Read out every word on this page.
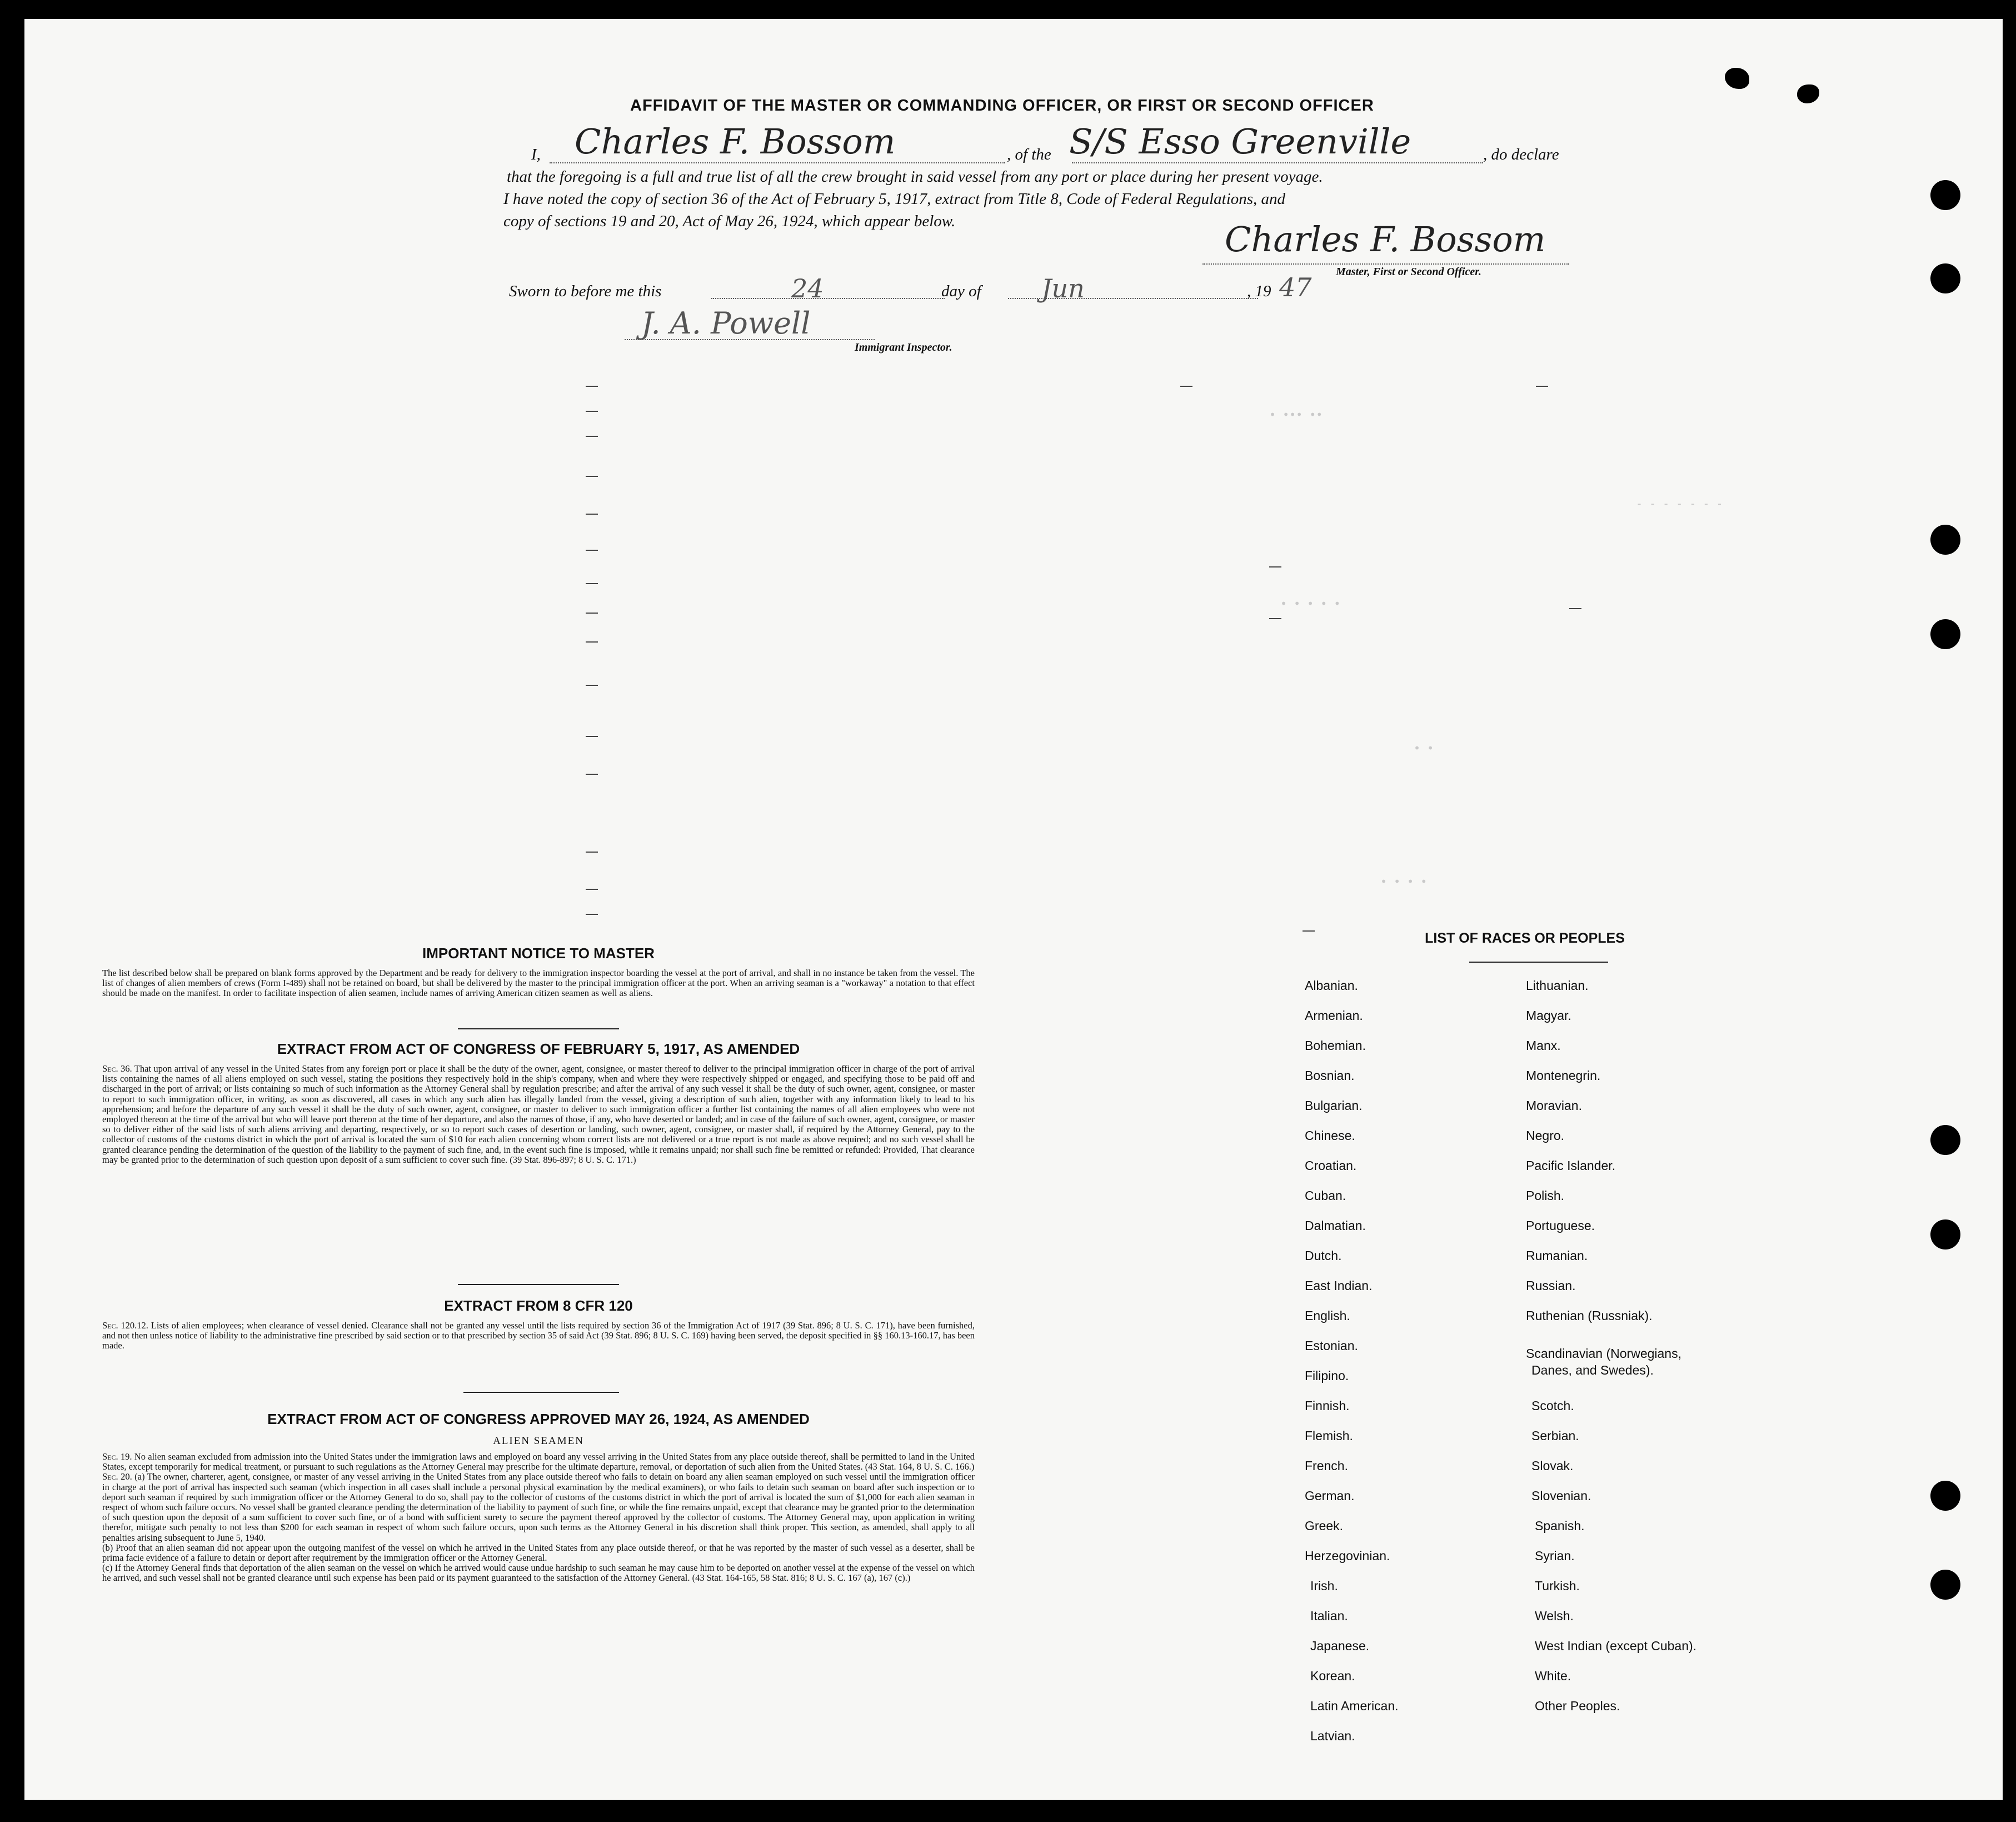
• ••• ••
- - - - - - -
• • • • •
• •
• • • •
AFFIDAVIT OF THE MASTER OR COMMANDING OFFICER, OR FIRST OR SECOND OFFICER
I, Charles F. Bossom	, of the S/S Esso Greenville	, do declare
that the foregoing is a full and true list of all the crew brought in said vessel from any port or place during her present voyage.
I have noted the copy of section 36 of the Act of February 5, 1917, extract from Title 8, Code of Federal Regulations, and
copy of sections 19 and 20, Act of May 26, 1924, which appear below.	Charles F. Bossom
Master, First or Second Officer.
Sworn to before me this	24	day of Jun	, 19 47
J. A. Powell
Immigrant Inspector.
IMPORTANT NOTICE TO MASTER
The list described below shall be prepared on blank forms approved by the Department and be ready for delivery to the immigration inspector boarding the vessel at the port of arrival, and shall in no instance be taken from the vessel. The list of changes of alien members of crews (Form I-489) shall not be retained on board, but shall be delivered by the master to the principal immigration officer at the port. When an arriving seaman is a "workaway" a notation to that effect should be made on the manifest. In order to facilitate inspection of alien seamen, include names of arriving American citizen seamen as well as aliens.
EXTRACT FROM ACT OF CONGRESS OF FEBRUARY 5, 1917, AS AMENDED
Sec. 36. That upon arrival of any vessel in the United States from any foreign port or place it shall be the duty of the owner, agent, consignee, or master thereof to deliver to the principal immigration officer in charge of the port of arrival lists containing the names of all aliens employed on such vessel, stating the positions they respectively hold in the ship's company, when and where they were respectively shipped or engaged, and specifying those to be paid off and discharged in the port of arrival; or lists containing so much of such information as the Attorney General shall by regulation prescribe; and after the arrival of any such vessel it shall be the duty of such owner, agent, consignee, or master to report to such immigration officer, in writing, as soon as discovered, all cases in which any such alien has illegally landed from the vessel, giving a description of such alien, together with any information likely to lead to his apprehension; and before the departure of any such vessel it shall be the duty of such owner, agent, consignee, or master to deliver to such immigration officer a further list containing the names of all alien employees who were not employed thereon at the time of the arrival but who will leave port thereon at the time of her departure, and also the names of those, if any, who have deserted or landed; and in case of the failure of such owner, agent, consignee, or master so to deliver either of the said lists of such aliens arriving and departing, respectively, or so to report such cases of desertion or landing, such owner, agent, consignee, or master shall, if required by the Attorney General, pay to the collector of customs of the customs district in which the port of arrival is located the sum of $10 for each alien concerning whom correct lists are not delivered or a true report is not made as above required; and no such vessel shall be granted clearance pending the determination of the question of the liability to the payment of such fine, and, in the event such fine is imposed, while it remains unpaid; nor shall such fine be remitted or refunded: Provided, That clearance may be granted prior to the determination of such question upon deposit of a sum sufficient to cover such fine. (39 Stat. 896-897; 8 U. S. C. 171.)
EXTRACT FROM 8 CFR 120
Sec. 120.12. Lists of alien employees; when clearance of vessel denied. Clearance shall not be granted any vessel until the lists required by section 36 of the Immigration Act of 1917 (39 Stat. 896; 8 U. S. C. 171), have been furnished, and not then unless notice of liability to the administrative fine prescribed by said section or to that prescribed by section 35 of said Act (39 Stat. 896; 8 U. S. C. 169) having been served, the deposit specified in §§ 160.13-160.17, has been made.
EXTRACT FROM ACT OF CONGRESS APPROVED MAY 26, 1924, AS AMENDED
ALIEN SEAMEN
Sec. 19. No alien seaman excluded from admission into the United States under the immigration laws and employed on board any vessel arriving in the United States from any place outside thereof, shall be permitted to land in the United States, except temporarily for medical treatment, or pursuant to such regulations as the Attorney General may prescribe for the ultimate departure, removal, or deportation of such alien from the United States. (43 Stat. 164, 8 U. S. C. 166.)
Sec. 20. (a) The owner, charterer, agent, consignee, or master of any vessel arriving in the United States from any place outside thereof who fails to detain on board any alien seaman employed on such vessel until the immigration officer in charge at the port of arrival has inspected such seaman (which inspection in all cases shall include a personal physical examination by the medical examiners), or who fails to detain such seaman on board after such inspection or to deport such seaman if required by such immigration officer or the Attorney General to do so, shall pay to the collector of customs of the customs district in which the port of arrival is located the sum of $1,000 for each alien seaman in respect of whom such failure occurs. No vessel shall be granted clearance pending the determination of the liability to payment of such fine, or while the fine remains unpaid, except that clearance may be granted prior to the determination of such question upon the deposit of a sum sufficient to cover such fine, or of a bond with sufficient surety to secure the payment thereof approved by the collector of customs. The Attorney General may, upon application in writing therefor, mitigate such penalty to not less than $200 for each seaman in respect of whom such failure occurs, upon such terms as the Attorney General in his discretion shall think proper. This section, as amended, shall apply to all penalties arising subsequent to June 5, 1940.
(b) Proof that an alien seaman did not appear upon the outgoing manifest of the vessel on which he arrived in the United States from any place outside thereof, or that he was reported by the master of such vessel as a deserter, shall be prima facie evidence of a failure to detain or deport after requirement by the immigration officer or the Attorney General.
(c) If the Attorney General finds that deportation of the alien seaman on the vessel on which he arrived would cause undue hardship to such seaman he may cause him to be deported on another vessel at the expense of the vessel on which he arrived, and such vessel shall not be granted clearance until such expense has been paid or its payment guaranteed to the satisfaction of the Attorney General. (43 Stat. 164-165, 58 Stat. 816; 8 U. S. C. 167 (a), 167 (c).)
LIST OF RACES OR PEOPLES
Albanian.
Armenian.
Bohemian.
Bosnian.
Bulgarian.
Chinese.
Croatian.
Cuban.
Dalmatian.
Dutch.
East Indian.
English.
Estonian.
Filipino.
Finnish.
Flemish.
French.
German.
Greek.
Herzegovinian.
Irish.
Italian.
Japanese.
Korean.
Latin American.
Latvian.
Lithuanian.
Magyar.
Manx.
Montenegrin.
Moravian.
Negro.
Pacific Islander.
Polish.
Portuguese.
Rumanian.
Russian.
Ruthenian (Russniak).
Scandinavian (Norwegians,
Danes, and Swedes).
Scotch.
Serbian.
Slovak.
Slovenian.
Spanish.
Syrian.
Turkish.
Welsh.
West Indian (except Cuban).
White.
Other Peoples.
